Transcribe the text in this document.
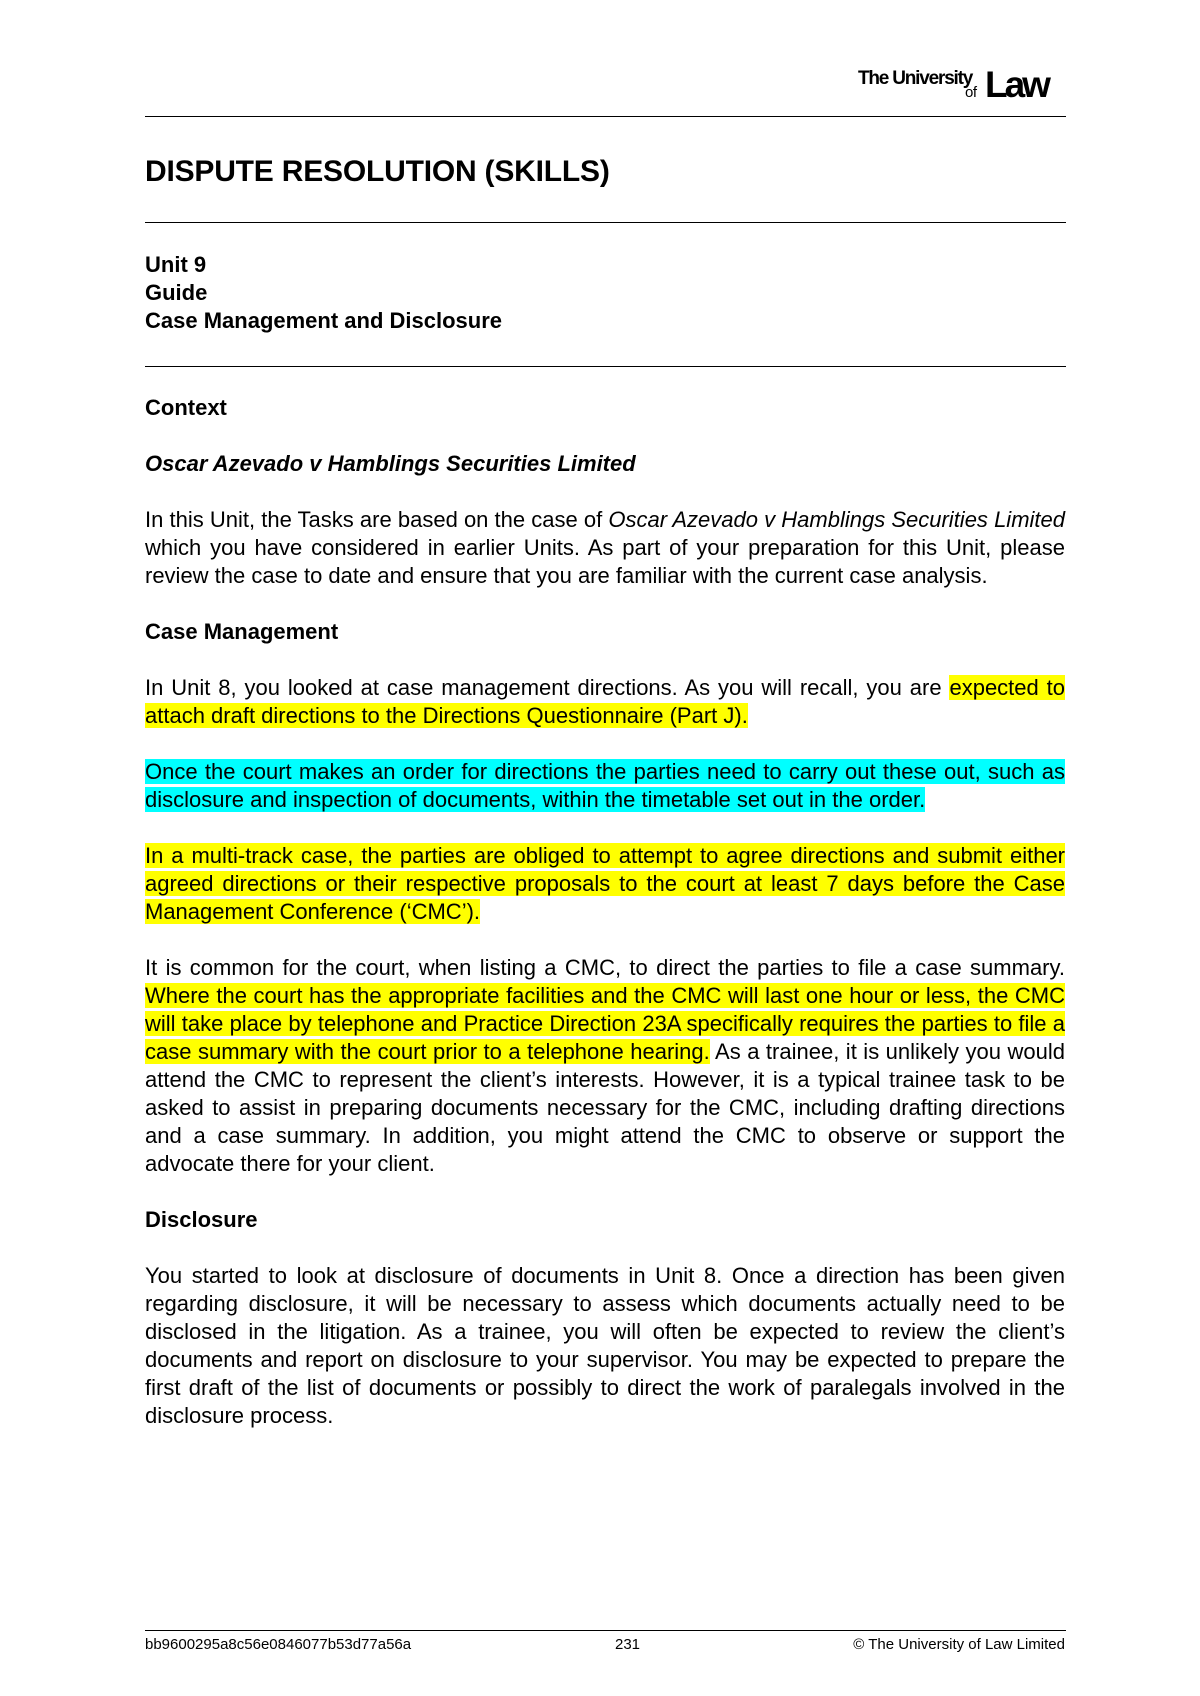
The University
of Law
DISPUTE RESOLUTION (SKILLS)
Unit 9
Guide
Case Management and Disclosure

Context

Oscar Azevado v Hamblings Securities Limited

In this Unit, the Tasks are based on the case of Oscar Azevado v Hamblings Securities Limited which you have considered in earlier Units. As part of your preparation for this Unit, please review the case to date and ensure that you are familiar with the current case analysis.

Case Management

In Unit 8, you looked at case management directions. As you will recall, you are expected to attach draft directions to the Directions Questionnaire (Part J).

Once the court makes an order for directions the parties need to carry out these out, such as disclosure and inspection of documents, within the timetable set out in the order.

In a multi-track case, the parties are obliged to attempt to agree directions and submit either agreed directions or their respective proposals to the court at least 7 days before the Case Management Conference (‘CMC’).

It is common for the court, when listing a CMC, to direct the parties to file a case summary. Where the court has the appropriate facilities and the CMC will last one hour or less, the CMC will take place by telephone and Practice Direction 23A specifically requires the parties to file a case summary with the court prior to a telephone hearing. As a trainee, it is unlikely you would attend the CMC to represent the client’s interests. However, it is a typical trainee task to be asked to assist in preparing documents necessary for the CMC, including drafting directions and a case summary. In addition, you might attend the CMC to observe or support the advocate there for your client.

Disclosure

You started to look at disclosure of documents in Unit 8. Once a direction has been given regarding disclosure, it will be necessary to assess which documents actually need to be disclosed in the litigation. As a trainee, you will often be expected to review the client’s documents and report on disclosure to your supervisor. You may be expected to prepare the first draft of the list of documents or possibly to direct the work of paralegals involved in the disclosure process.

bb9600295a8c56e0846077b53d77a56a	231	© The University of Law Limited
